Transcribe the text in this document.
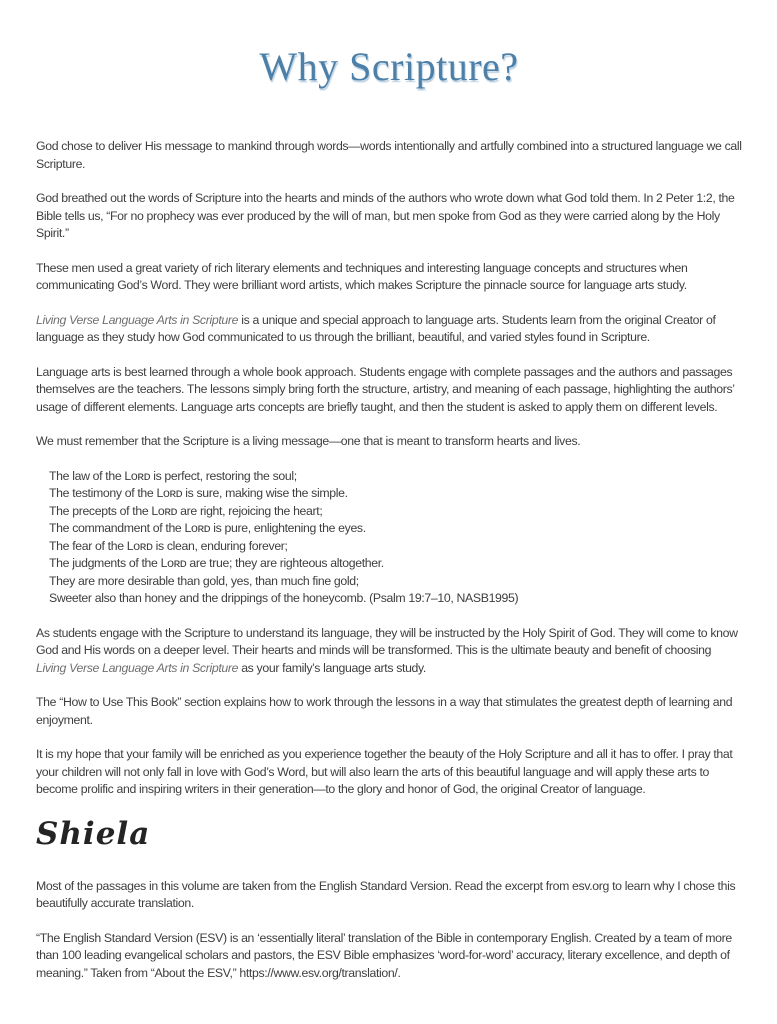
Why Scripture?

God chose to deliver His message to mankind through words—words intentionally and artfully combined into a structured language we call Scripture.

God breathed out the words of Scripture into the hearts and minds of the authors who wrote down what God told them. In 2 Peter 1:2, the Bible tells us, “For no prophecy was ever produced by the will of man, but men spoke from God as they were carried along by the Holy Spirit.”

These men used a great variety of rich literary elements and techniques and interesting language concepts and structures when communicating God’s Word. They were brilliant word artists, which makes Scripture the pinnacle source for language arts study.

Living Verse Language Arts in Scripture is a unique and special approach to language arts. Students learn from the original Creator of language as they study how God communicated to us through the brilliant, beautiful, and varied styles found in Scripture.

Language arts is best learned through a whole book approach. Students engage with complete passages and the authors and passages themselves are the teachers. The lessons simply bring forth the structure, artistry, and meaning of each passage, highlighting the authors’ usage of different elements. Language arts concepts are briefly taught, and then the student is asked to apply them on different levels.

We must remember that the Scripture is a living message—one that is meant to transform hearts and lives.

The law of the Lᴏʀᴅ is perfect, restoring the soul;
The testimony of the Lᴏʀᴅ is sure, making wise the simple.
The precepts of the Lᴏʀᴅ are right, rejoicing the heart;
The commandment of the Lᴏʀᴅ is pure, enlightening the eyes.
The fear of the Lᴏʀᴅ is clean, enduring forever;
The judgments of the Lᴏʀᴅ are true; they are righteous altogether.
They are more desirable than gold, yes, than much fine gold;
Sweeter also than honey and the drippings of the honeycomb. (Psalm 19:7–10, NASB1995)

As students engage with the Scripture to understand its language, they will be instructed by the Holy Spirit of God. They will come to know God and His words on a deeper level. Their hearts and minds will be transformed. This is the ultimate beauty and benefit of choosing Living Verse Language Arts in Scripture as your family’s language arts study.

The “How to Use This Book” section explains how to work through the lessons in a way that stimulates the greatest depth of learning and enjoyment.

It is my hope that your family will be enriched as you experience together the beauty of the Holy Scripture and all it has to offer. I pray that your children will not only fall in love with God’s Word, but will also learn the arts of this beautiful language and will apply these arts to become prolific and inspiring writers in their generation—to the glory and honor of God, the original Creator of language.

Shiela

Most of the passages in this volume are taken from the English Standard Version. Read the excerpt from esv.org to learn why I chose this beautifully accurate translation.

“The English Standard Version (ESV) is an ‘essentially literal’ translation of the Bible in contemporary English. Created by a team of more than 100 leading evangelical scholars and pastors, the ESV Bible emphasizes ‘word-for-word’ accuracy, literary excellence, and depth of meaning.” Taken from “About the ESV,” https://www.esv.org/translation/.
